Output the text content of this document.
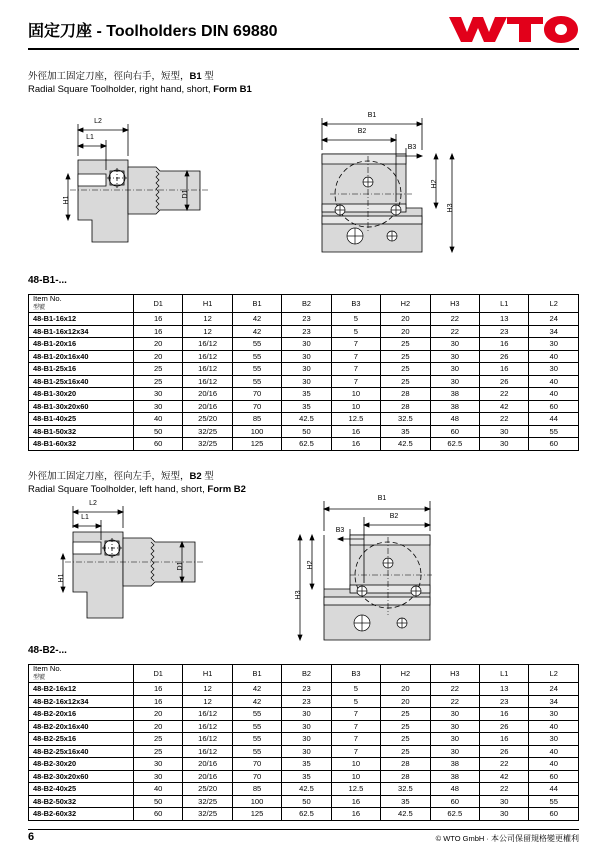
固定刀座 - Toolholders DIN 69880
外徑加工固定刀座，徑向右手，短型，B1 型
Radial Square Toolholder, right hand, short, Form B1
L2
L1
H1
D1
B1
B2
B3
H2
H3
48-B1-...
Item No.
型號	D1	H1	B1	B2	B3	H2	H3	L1	L2
48-B1-16x12	16	12	42	23	5	20	22	13	24
48-B1-16x12x34	16	12	42	23	5	20	22	23	34
48-B1-20x16	20	16/12	55	30	7	25	30	16	30
48-B1-20x16x40	20	16/12	55	30	7	25	30	26	40
48-B1-25x16	25	16/12	55	30	7	25	30	16	30
48-B1-25x16x40	25	16/12	55	30	7	25	30	26	40
48-B1-30x20	30	20/16	70	35	10	28	38	22	40
48-B1-30x20x60	30	20/16	70	35	10	28	38	42	60
48-B1-40x25	40	25/20	85	42.5	12.5	32.5	48	22	44
48-B1-50x32	50	32/25	100	50	16	35	60	30	55
48-B1-60x32	60	32/25	125	62.5	16	42.5	62.5	30	60
外徑加工固定刀座，徑向左手，短型，B2 型
Radial Square Toolholder, left hand, short, Form B2
L2
L1
H1
D1
B1
B2
B3
H2
H3
48-B2-...
Item No.
型號	D1	H1	B1	B2	B3	H2	H3	L1	L2
48-B2-16x12	16	12	42	23	5	20	22	13	24
48-B2-16x12x34	16	12	42	23	5	20	22	23	34
48-B2-20x16	20	16/12	55	30	7	25	30	16	30
48-B2-20x16x40	20	16/12	55	30	7	25	30	26	40
48-B2-25x16	25	16/12	55	30	7	25	30	16	30
48-B2-25x16x40	25	16/12	55	30	7	25	30	26	40
48-B2-30x20	30	20/16	70	35	10	28	38	22	40
48-B2-30x20x60	30	20/16	70	35	10	28	38	42	60
48-B2-40x25	40	25/20	85	42.5	12.5	32.5	48	22	44
48-B2-50x32	50	32/25	100	50	16	35	60	30	55
48-B2-60x32	60	32/25	125	62.5	16	42.5	62.5	30	60
6	© WTO GmbH · 本公司保留規格變更權利
